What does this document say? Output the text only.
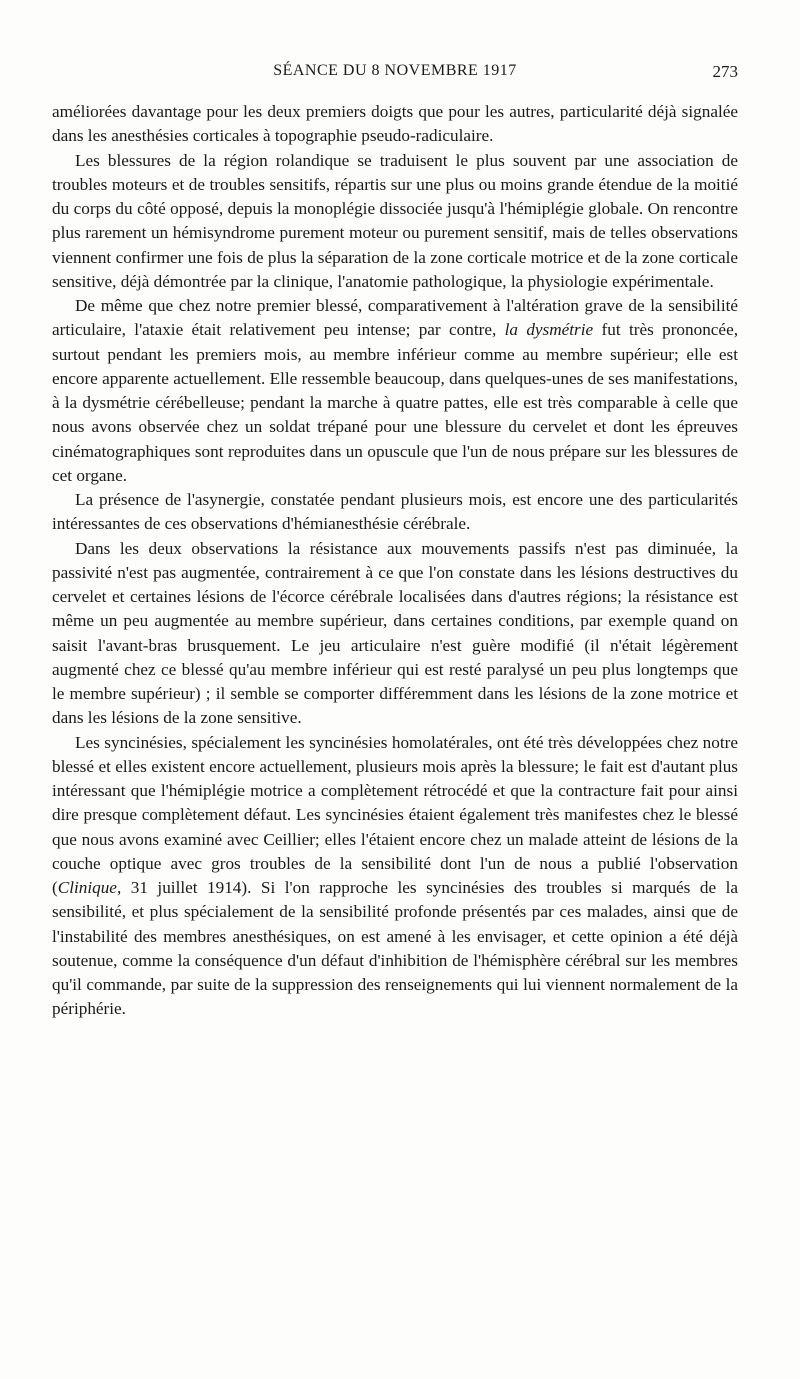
SÉANCE DU 8 NOVEMBRE 1917	273

améliorées davantage pour les deux premiers doigts que pour les autres, particularité déjà signalée dans les anesthésies corticales à topographie pseudo-radiculaire.

Les blessures de la région rolandique se traduisent le plus souvent par une association de troubles moteurs et de troubles sensitifs, répartis sur une plus ou moins grande étendue de la moitié du corps du côté opposé, depuis la monoplégie dissociée jusqu'à l'hémiplégie globale. On rencontre plus rarement un hémisyndrome purement moteur ou purement sensitif, mais de telles observations viennent confirmer une fois de plus la séparation de la zone corticale motrice et de la zone corticale sensitive, déjà démontrée par la clinique, l'anatomie pathologique, la physiologie expérimentale.

De même que chez notre premier blessé, comparativement à l'altération grave de la sensibilité articulaire, l'ataxie était relativement peu intense; par contre, la dysmétrie fut très prononcée, surtout pendant les premiers mois, au membre inférieur comme au membre supérieur; elle est encore apparente actuellement. Elle ressemble beaucoup, dans quelques-unes de ses manifestations, à la dysmétrie cérébelleuse; pendant la marche à quatre pattes, elle est très comparable à celle que nous avons observée chez un soldat trépané pour une blessure du cervelet et dont les épreuves cinématographiques sont reproduites dans un opuscule que l'un de nous prépare sur les blessures de cet organe.

La présence de l'asynergie, constatée pendant plusieurs mois, est encore une des particularités intéressantes de ces observations d'hémianesthésie cérébrale.

Dans les deux observations la résistance aux mouvements passifs n'est pas diminuée, la passivité n'est pas augmentée, contrairement à ce que l'on constate dans les lésions destructives du cervelet et certaines lésions de l'écorce cérébrale localisées dans d'autres régions; la résistance est même un peu augmentée au membre supérieur, dans certaines conditions, par exemple quand on saisit l'avant-bras brusquement. Le jeu articulaire n'est guère modifié (il n'était légèrement augmenté chez ce blessé qu'au membre inférieur qui est resté paralysé un peu plus longtemps que le membre supérieur) ; il semble se comporter différemment dans les lésions de la zone motrice et dans les lésions de la zone sensitive.

Les syncinésies, spécialement les syncinésies homolatérales, ont été très développées chez notre blessé et elles existent encore actuellement, plusieurs mois après la blessure; le fait est d'autant plus intéressant que l'hémiplégie motrice a complètement rétrocédé et que la contracture fait pour ainsi dire presque complètement défaut. Les syncinésies étaient également très manifestes chez le blessé que nous avons examiné avec Ceillier; elles l'étaient encore chez un malade atteint de lésions de la couche optique avec gros troubles de la sensibilité dont l'un de nous a publié l'observation (Clinique, 31 juillet 1914). Si l'on rapproche les syncinésies des troubles si marqués de la sensibilité, et plus spécialement de la sensibilité profonde présentés par ces malades, ainsi que de l'instabilité des membres anesthésiques, on est amené à les envisager, et cette opinion a été déjà soutenue, comme la conséquence d'un défaut d'inhibition de l'hémisphère cérébral sur les membres qu'il commande, par suite de la suppression des renseignements qui lui viennent normalement de la périphérie.
